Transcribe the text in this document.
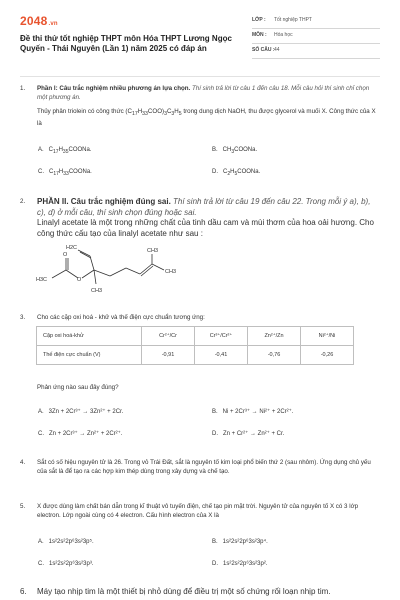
2048.vn
Đề thi thử tốt nghiệp THPT môn Hóa THPT Lương Ngọc Quyến - Thái Nguyên (Lần 1) năm 2025 có đáp án
LỚP : Tốt nghiệp THPT
MÔN : Hóa học
SỐ CÂU : 44
1. Phần I: Câu trắc nghiệm nhiều phương án lựa chọn. Thí sinh trả lời từ câu 1 đến câu 18. Mỗi câu hỏi thí sinh chỉ chọn một phương án.
Thủy phân triolein có công thức $(C_{17}H_{33}COO)_3C_3H_5$ trong dung dịch NaOH, thu được glycerol và muối X. Công thức của X là
A. $C_{17}H_{35}COONa$.	B. $CH_3COONa$.
C. $C_{17}H_{33}COONa$.	D. $C_2H_5COONa$.
2. PHẦN II. Câu trắc nghiệm đúng sai. Thí sinh trả lời từ câu 19 đến câu 22. Trong mỗi ý a), b), c), d) ở mỗi câu, thí sinh chọn đúng hoặc sai.
Linalyl acetate là một trong những chất của tinh dầu cam và mùi thơm của hoa oải hương. Cho công thức cấu tạo của linalyl acetate như sau :
H2C
H3C
O
O
CH3
CH3
CH3
3. Cho các cặp oxi hoá - khử và thế điện cực chuẩn tương ứng:
Phản ứng nào sau đây đúng?
A. 3Zn + 2Cr³⁺ → 3Zn²⁺ + 2Cr.	B. Ni + 2Cr³⁺ → Ni²⁺ + 2Cr²⁺.
C. Zn + 2Cr³⁺ → Zn²⁺ + 2Cr²⁺.	D. Zn + Cr²⁺ → Zn²⁺ + Cr.
Cặp oxi hoá-khử	Cr²⁺/Cr	Cr³⁺/Cr²⁺	Zn²⁺/Zn	Ni²⁺/Ni
Thế điện cực chuẩn (V)	-0,91	-0,41	-0,76	-0,26
4. Sắt có số hiệu nguyên tử là 26. Trong vỏ Trái Đất, sắt là nguyên tố kim loại phổ biến thứ 2 (sau nhôm). Ứng dụng chủ yếu của sắt là để tạo ra các hợp kim thép dùng trong xây dựng và chế tạo.
5. X được dùng làm chất bán dẫn trong kĩ thuật vô tuyến điện, chế tạo pin mặt trời. Nguyên tử của nguyên tố X có 3 lớp electron. Lớp ngoài cùng có 4 electron. Cấu hình electron của X là
A. 1s²2s²2p⁶3s²3p⁵.	B. 1s²2s²2p⁶3s²3p⁴.
C. 1s²2s²2p⁶3s²3p³.	D. 1s²2s²2p⁶3s²3p².
6. Máy tạo nhịp tim là một thiết bị nhỏ dùng để điều trị một số chứng rối loạn nhịp tim.
